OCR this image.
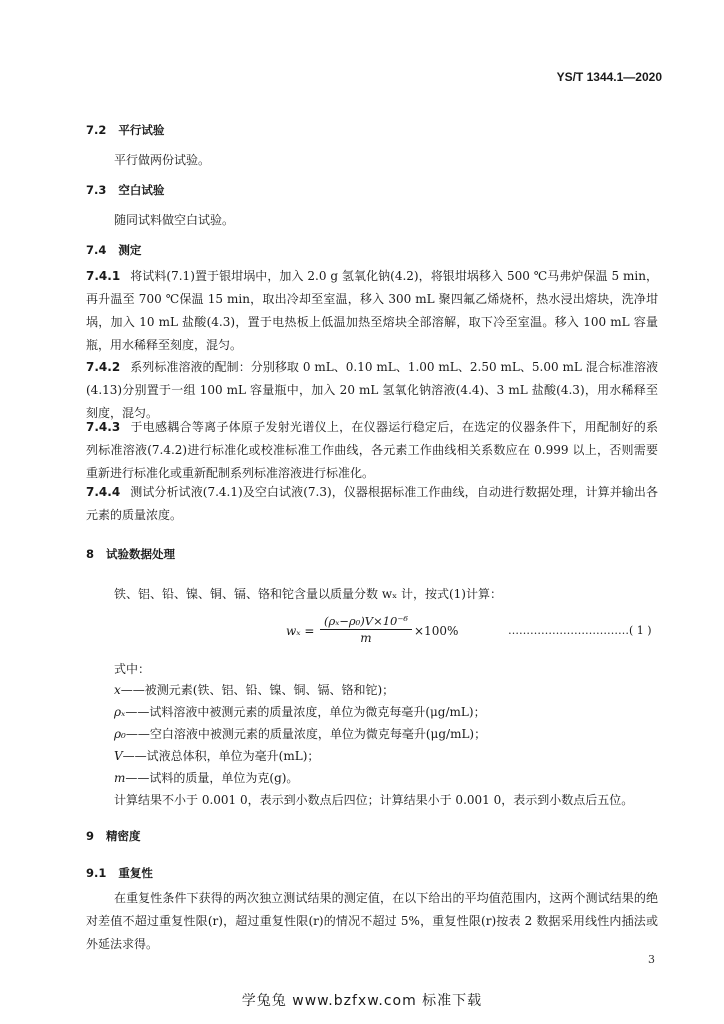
YS/T 1344.1—2020
7.2 平行试验
平行做两份试验。
7.3 空白试验
随同试料做空白试验。
7.4 测定
7.4.1 将试料(7.1)置于银坩埚中，加入 2.0 g 氢氧化钠(4.2)，将银坩埚移入 500 ℃马弗炉保温 5 min，再升温至 700 ℃保温 15 min，取出冷却至室温，移入 300 mL 聚四氟乙烯烧杯，热水浸出熔块，洗净坩埚，加入 10 mL 盐酸(4.3)，置于电热板上低温加热至熔块全部溶解，取下冷至室温。移入 100 mL 容量瓶，用水稀释至刻度，混匀。
7.4.2 系列标准溶液的配制：分别移取 0 mL、0.10 mL、1.00 mL、2.50 mL、5.00 mL 混合标准溶液(4.13)分别置于一组 100 mL 容量瓶中，加入 20 mL 氢氧化钠溶液(4.4)、3 mL 盐酸(4.3)，用水稀释至刻度，混匀。
7.4.3 于电感耦合等离子体原子发射光谱仪上，在仪器运行稳定后，在选定的仪器条件下，用配制好的系列标准溶液(7.4.2)进行标准化或校准标准工作曲线，各元素工作曲线相关系数应在 0.999 以上，否则需要重新进行标准化或重新配制系列标准溶液进行标准化。
7.4.4 测试分析试液(7.4.1)及空白试液(7.3)，仪器根据标准工作曲线，自动进行数据处理，计算并输出各元素的质量浓度。
8 试验数据处理
铁、铝、铅、镍、铜、镉、铬和铊含量以质量分数 wₓ 计，按式(1)计算：
$w_x = \frac{\text{(ρₓ−ρ₀)V×10⁻⁶}}{m} \times 100\%$	……………………………( 1 )
式中：
x——被测元素(铁、铝、铅、镍、铜、镉、铬和铊)；
ρₓ——试料溶液中被测元素的质量浓度，单位为微克每毫升(μg/mL)；
ρ₀——空白溶液中被测元素的质量浓度，单位为微克每毫升(μg/mL)；
V——试液总体积，单位为毫升(mL)；
m——试料的质量，单位为克(g)。
计算结果不小于 0.001 0，表示到小数点后四位；计算结果小于 0.001 0，表示到小数点后五位。
9 精密度
9.1 重复性
在重复性条件下获得的两次独立测试结果的测定值，在以下给出的平均值范围内，这两个测试结果的绝对差值不超过重复性限(r)，超过重复性限(r)的情况不超过 5%，重复性限(r)按表 2 数据采用线性内插法或外延法求得。
3
学兔兔 www.bzfxw.com 标准下载
